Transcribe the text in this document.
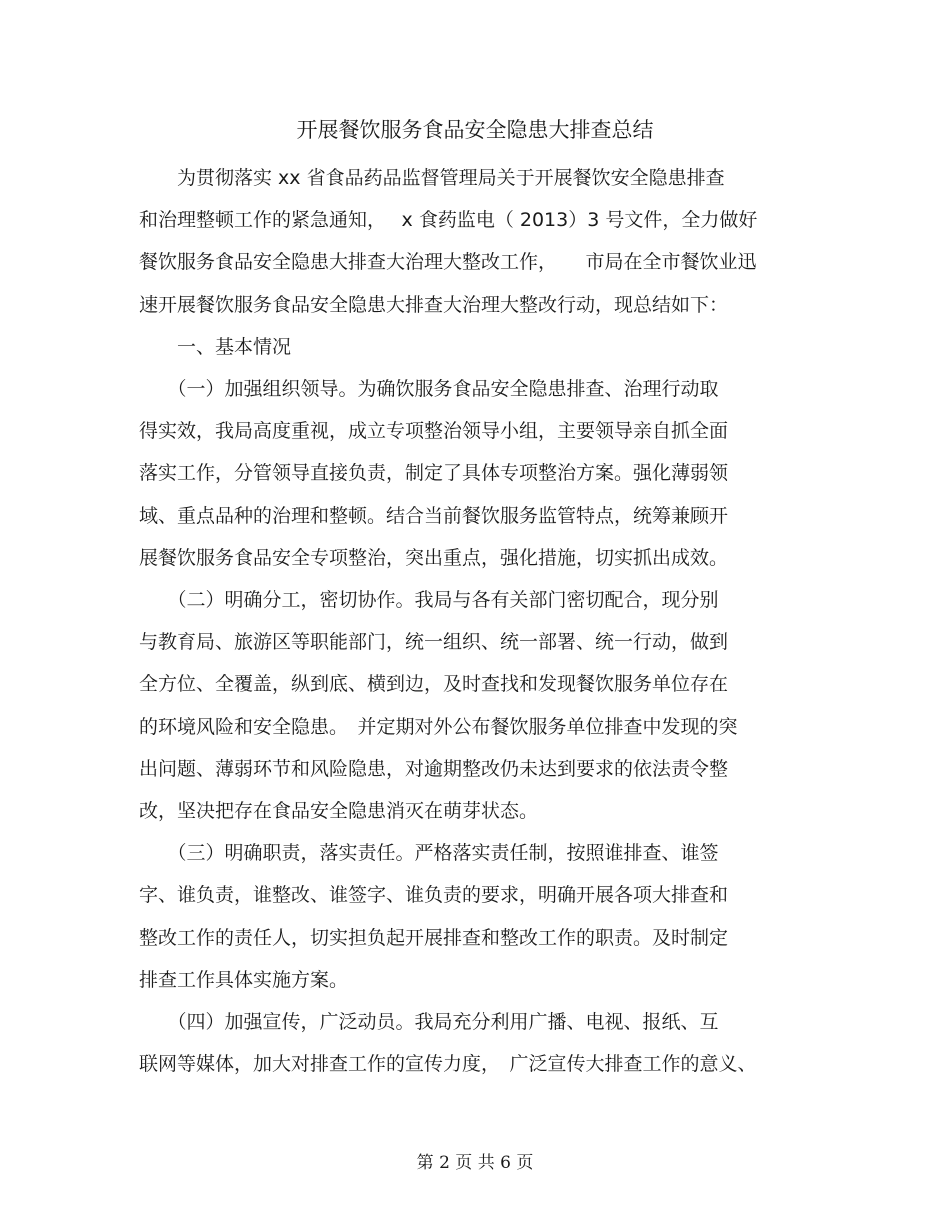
开展餐饮服务食品安全隐患大排查总结

　　为贯彻落实 xx 省食品药品监督管理局关于开展餐饮安全隐患排查

和治理整顿工作的紧急通知，　 x 食药监电（ 2013）3 号文件，全力做好

餐饮服务食品安全隐患大排查大治理大整改工作，　　市局在全市餐饮业迅

速开展餐饮服务食品安全隐患大排查大治理大整改行动，现总结如下：

　　一、基本情况

　　（一）加强组织领导。为确饮服务食品安全隐患排查、治理行动取

得实效，我局高度重视，成立专项整治领导小组，主要领导亲自抓全面

落实工作，分管领导直接负责，制定了具体专项整治方案。强化薄弱领

域、重点品种的治理和整顿。结合当前餐饮服务监管特点，统筹兼顾开

展餐饮服务食品安全专项整治，突出重点，强化措施，切实抓出成效。

　　（二）明确分工，密切协作。我局与各有关部门密切配合，现分别

与教育局、旅游区等职能部门，统一组织、统一部署、统一行动，做到

全方位、全覆盖，纵到底、横到边，及时查找和发现餐饮服务单位存在

的环境风险和安全隐患。　并定期对外公布餐饮服务单位排查中发现的突

出问题、薄弱环节和风险隐患，对逾期整改仍未达到要求的依法责令整

改，坚决把存在食品安全隐患消灭在萌芽状态。

　　（三）明确职责，落实责任。严格落实责任制，按照谁排查、谁签

字、谁负责，谁整改、谁签字、谁负责的要求，明确开展各项大排查和

整改工作的责任人，切实担负起开展排查和整改工作的职责。及时制定

排查工作具体实施方案。

　　（四）加强宣传，广泛动员。我局充分利用广播、电视、报纸、互

联网等媒体，加大对排查工作的宣传力度，　广泛宣传大排查工作的意义、

第 2 页 共 6 页
